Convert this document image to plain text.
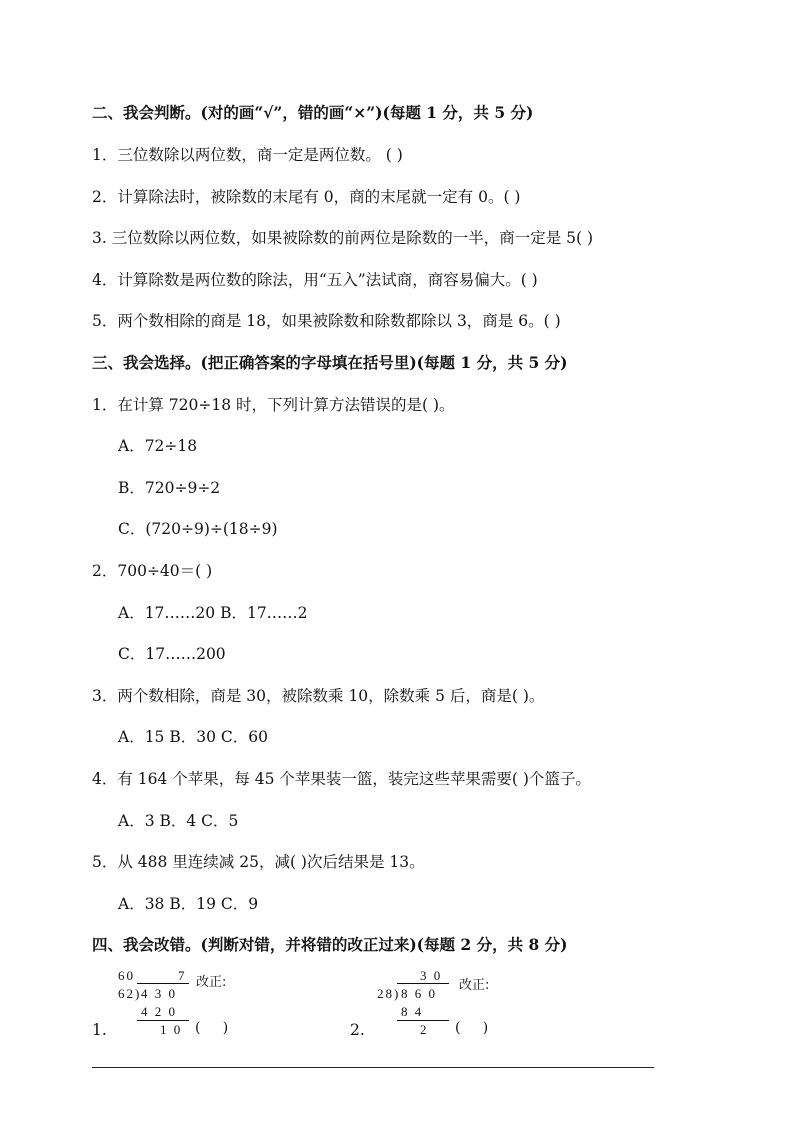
二、我会判断。(对的画“√”，错的画“×”)(每题 1 分，共 5 分)
1．三位数除以两位数，商一定是两位数。 ( )
2．计算除法时，被除数的末尾有 0，商的末尾就一定有 0。( )
3. 三位数除以两位数，如果被除数的前两位是除数的一半，商一定是 5( )
4．计算除数是两位数的除法，用“五入”法试商，商容易偏大。( )
5．两个数相除的商是 18，如果被除数和除数都除以 3，商是 6。( )
三、我会选择。(把正确答案的字母填在括号里)(每题 1 分，共 5 分)
1．在计算 720÷18 时，下列计算方法错误的是( )。
A．72÷18
B．720÷9÷2
C．(720÷9)÷(18÷9)
2．700÷40＝( )
A．17……20 B．17……2
C．17……200
3．两个数相除，商是 30，被除数乘 10，除数乘 5 后，商是( )。
A．15 B．30 C．60
4．有 164 个苹果，每 45 个苹果装一篮，装完这些苹果需要( )个篮子。
A．3 B．4 C．5
5．从 488 里连续减 25，减( )次后结果是 13。
A．38 B．19 C．9
四、我会改错。(判断对错，并将错的改正过来)(每题 2 分，共 8 分)
1.
60	7
62) 4 3 0
4 2 0
1 0
改正:
(     )	2.
3 0
28) 8 6 0
8 4
2
改正:
(     )
